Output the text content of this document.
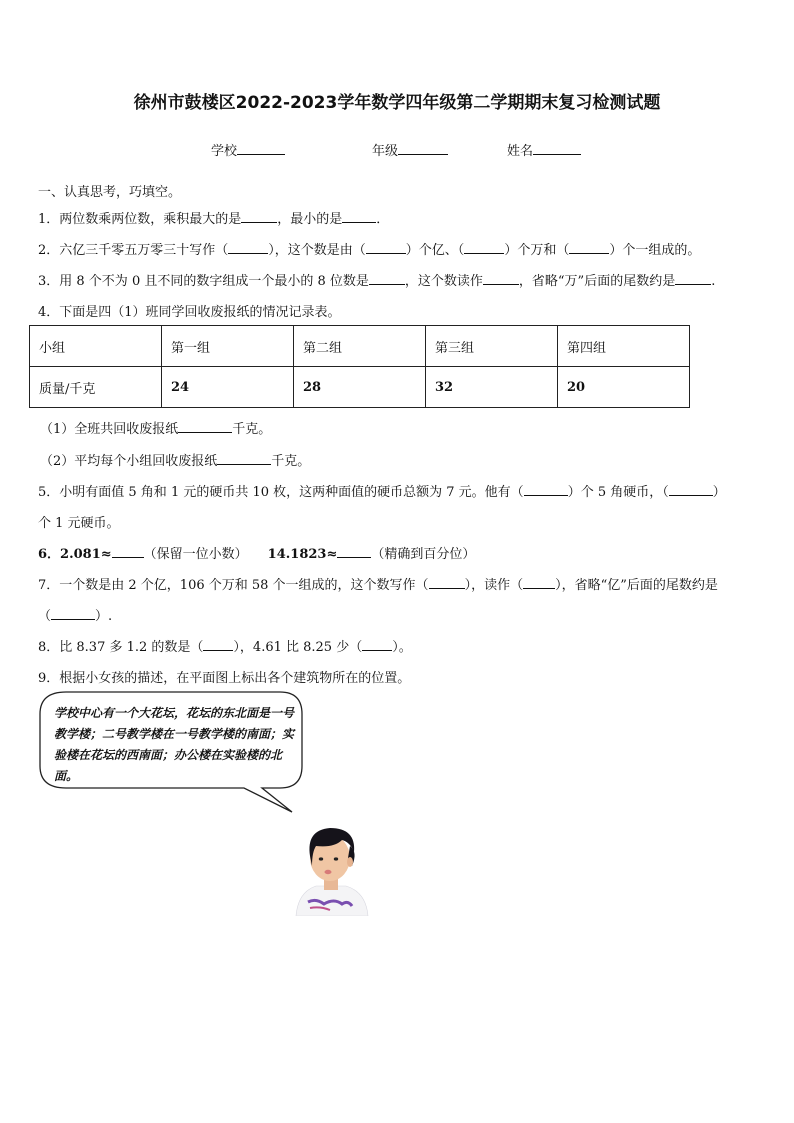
徐州市鼓楼区2022-2023学年数学四年级第二学期期末复习检测试题
学校	年级	姓名
一、认真思考，巧填空。
1．两位数乘两位数，乘积最大的是	，最小的是	．
2．六亿三千零五万零三十写作（	），这个数是由（	）个亿、（	）个万和（	）个一组成的。
3．用 8 个不为 0 且不同的数字组成一个最小的 8 位数是	，这个数读作	，省略“万”后面的尾数约是	.
4．下面是四（1）班同学回收废报纸的情况记录表。
小组	第一组	第二组	第三组	第四组
质量/千克	24	28	32	20
（1）全班共回收废报纸	千克。
（2）平均每个小组回收废报纸	千克。
5．小明有面值 5 角和 1 元的硬币共 10 枚，这两种面值的硬币总额为 7 元。他有（	）个 5 角硬币，（	）
个 1 元硬币。
6．2.081≈ （保留一位小数） 14.1823≈	（精确到百分位）
7．一个数是由 2 个亿，106 个万和 58 个一组成的，这个数写作（	），读作（ ），省略“亿”后面的尾数约是
（	）.
8．比 8.37 多 1.2 的数是（ ），4.61 比 8.25 少（ ）。
9．根据小女孩的描述，在平面图上标出各个建筑物所在的位置。
学校中心有一个大花坛，花坛的东北面是一号教学楼；二号教学楼在一号教学楼的南面；实验楼在花坛的西南面；办公楼在实验楼的北面。
